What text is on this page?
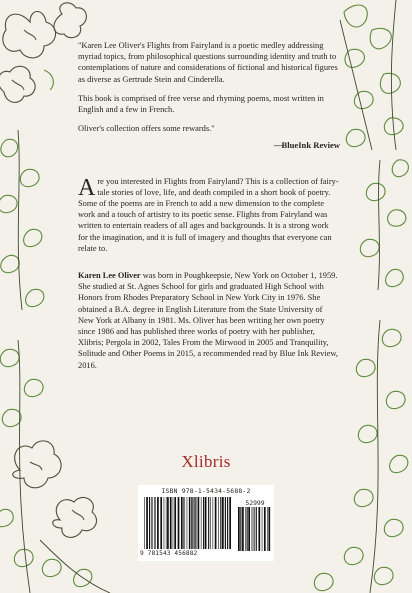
"Karen Lee Oliver's Flights from Fairyland is a poetic medley addressing myriad topics, from philosophical questions surrounding identity and truth to contemplations of nature and considerations of fictional and historical figures as diverse as Gertrude Stein and Cinderella.

This book is comprised of free verse and rhyming poems, most written in English and a few in French.

Oliver's collection offers some rewards."

—BlueInk Review
Are you interested in Flights from Fairyland? This is a collection of fairy-tale stories of love, life, and death compiled in a short book of poetry. Some of the poems are in French to add a new dimension to the complete work and a touch of artistry to its poetic sense. Flights from Fairyland was written to entertain readers of all ages and backgrounds. It is a strong work for the imagination, and it is full of imagery and thoughts that everyone can relate to.
Karen Lee Oliver was born in Poughkeepsie, New York on October 1, 1959. She studied at St. Agnes School for girls and graduated High School with Honors from Rhodes Preparatory School in New York City in 1976. She obtained a B.A. degree in English Literature from the State University of New York at Albany in 1981. Ms. Oliver has been writing her own poetry since 1986 and has published three works of poetry with her publisher, Xlibris; Pergola in 2002, Tales From the Mirwood in 2005 and Tranquility, Solitude and Other Poems in 2015, a recommended read by Blue Ink Review, 2016.
Xlibris
ISBN 978-1-5434-5688-2
9 781543 456882
52999
